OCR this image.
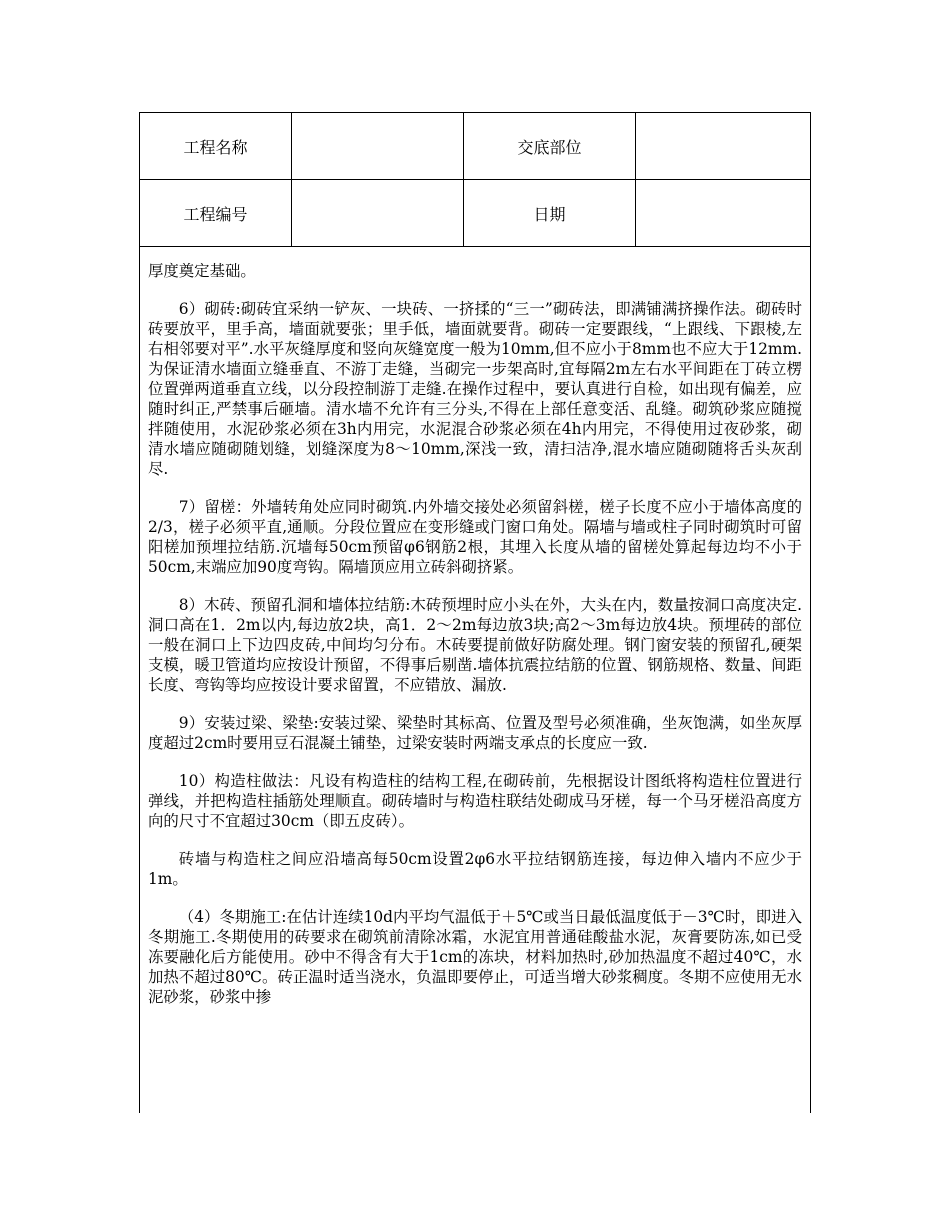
工程名称		交底部位	
工程编号		日期	

厚度奠定基础。

6）砌砖:砌砖宜采纳一铲灰、一块砖、一挤揉的“三一”砌砖法，即满铺满挤操作法。砌砖时砖要放平，里手高，墙面就要张；里手低，墙面就要背。砌砖一定要跟线，“上跟线、下跟棱,左右相邻要对平”.水平灰缝厚度和竖向灰缝宽度一般为10mm,但不应小于8mm也不应大于12mm.为保证清水墙面立缝垂直、不游丁走缝，当砌完一步架高时,宜每隔2m左右水平间距在丁砖立楞位置弹两道垂直立线，以分段控制游丁走缝.在操作过程中，要认真进行自检，如出现有偏差，应随时纠正,严禁事后砸墙。清水墙不允许有三分头,不得在上部任意变活、乱缝。砌筑砂浆应随搅拌随使用，水泥砂浆必须在3h内用完，水泥混合砂浆必须在4h内用完，不得使用过夜砂浆，砌清水墙应随砌随划缝，划缝深度为8～10mm,深浅一致，清扫洁净,混水墙应随砌随将舌头灰刮尽.

7）留槎：外墙转角处应同时砌筑.内外墙交接处必须留斜槎，槎子长度不应小于墙体高度的2/3，槎子必须平直,通顺。分段位置应在变形缝或门窗口角处。隔墙与墙或柱子同时砌筑时可留阳槎加预埋拉结筋.沉墙每50cm预留φ6钢筋2根，其埋入长度从墙的留槎处算起每边均不小于50cm,末端应加90度弯钩。隔墙顶应用立砖斜砌挤紧。

8）木砖、预留孔洞和墙体拉结筋:木砖预埋时应小头在外，大头在内，数量按洞口高度决定.洞口高在1．2m以内,每边放2块，高1．2～2m每边放3块;高2～3m每边放4块。预埋砖的部位一般在洞口上下边四皮砖,中间均匀分布。木砖要提前做好防腐处理。钢门窗安装的预留孔,硬架支模，暖卫管道均应按设计预留，不得事后剔凿.墙体抗震拉结筋的位置、钢筋规格、数量、间距长度、弯钩等均应按设计要求留置，不应错放、漏放.

9）安装过梁、梁垫:安装过梁、梁垫时其标高、位置及型号必须准确，坐灰饱满，如坐灰厚度超过2cm时要用豆石混凝土铺垫，过梁安装时两端支承点的长度应一致.

10）构造柱做法：凡设有构造柱的结构工程,在砌砖前，先根据设计图纸将构造柱位置进行弹线，并把构造柱插筋处理顺直。砌砖墙时与构造柱联结处砌成马牙槎，每一个马牙槎沿高度方向的尺寸不宜超过30cm（即五皮砖）。

砖墙与构造柱之间应沿墙高每50cm设置2φ6水平拉结钢筋连接，每边伸入墙内不应少于1m。

（4）冬期施工:在估计连续10d内平均气温低于＋5℃或当日最低温度低于－3℃时，即进入冬期施工.冬期使用的砖要求在砌筑前清除冰霜，水泥宜用普通硅酸盐水泥，灰膏要防冻,如已受冻要融化后方能使用。砂中不得含有大于1cm的冻块，材料加热时,砂加热温度不超过40℃，水加热不超过80℃。砖正温时适当浇水，负温即要停止，可适当增大砂浆稠度。冬期不应使用无水泥砂浆，砂浆中掺
